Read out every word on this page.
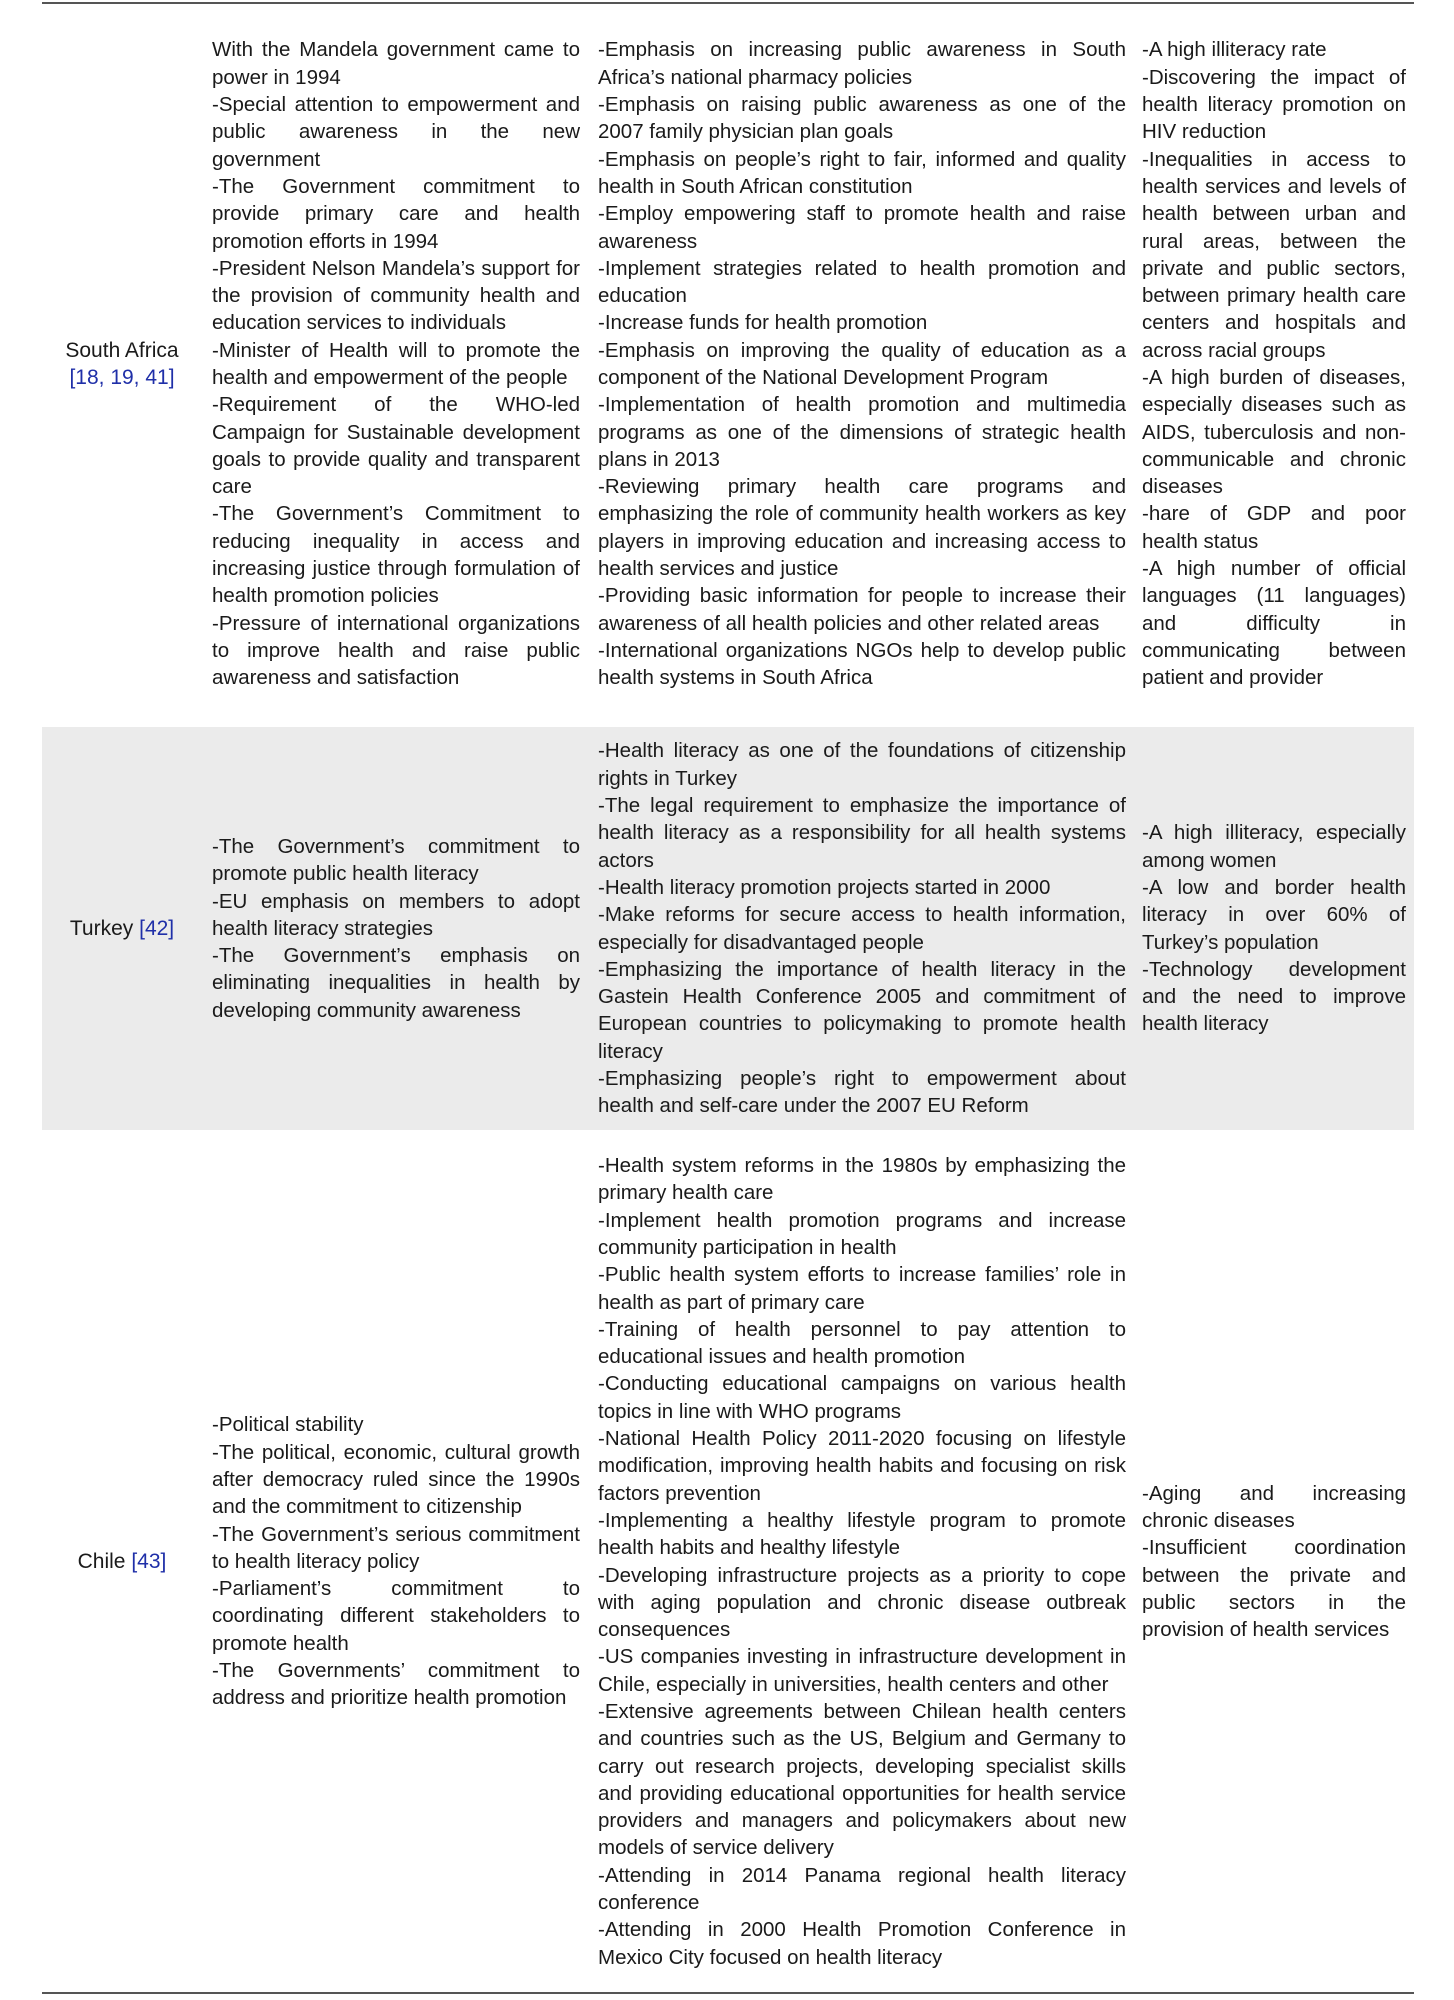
South Africa
[18, 19, 41]

With the Mandela government came to power in 1994

-Special attention to empowerment and public awareness in the new government

-The Government commitment to provide primary care and health promotion efforts in 1994

-President Nelson Mandela’s support for the provision of community health and education services to individuals

-Minister of Health will to promote the health and empowerment of the people

-Requirement of the WHO-led Campaign for Sustainable development goals to provide quality and transparent care

-The Government’s Commitment to reducing inequality in access and increasing justice through formulation of health promotion policies

-Pressure of international organizations to improve health and raise public awareness and satisfaction

-Emphasis on increasing public awareness in South Africa’s national pharmacy policies

-Emphasis on raising public awareness as one of the 2007 family physician plan goals

-Emphasis on people’s right to fair, informed and quality health in South African constitution

-Employ empowering staff to promote health and raise awareness

-Implement strategies related to health promotion and education

-Increase funds for health promotion

-Emphasis on improving the quality of education as a component of the National Development Program

-Implementation of health promotion and multimedia programs as one of the dimensions of strategic health plans in 2013

-Reviewing primary health care programs and emphasizing the role of community health workers as key players in improving education and increasing access to health services and justice

-Providing basic information for people to increase their awareness of all health policies and other related areas

-International organizations NGOs help to develop public health systems in South Africa

-A high illiteracy rate

-Discovering the impact of health literacy promotion on HIV reduction

-Inequalities in access to health services and levels of health between urban and rural areas, between the private and public sectors, between primary health care centers and hospitals and across racial groups

-A high burden of diseases, especially diseases such as AIDS, tuberculosis and non-communicable and chronic diseases

-hare of GDP and poor health status

-A high number of official languages (11 languages) and difficulty in communicating between patient and provider

Turkey [42]

-The Government’s commitment to promote public health literacy

-EU emphasis on members to adopt health literacy strategies

-The Government’s emphasis on eliminating inequalities in health by developing community awareness

-Health literacy as one of the foundations of citizenship rights in Turkey

-The legal requirement to emphasize the importance of health literacy as a responsibility for all health systems actors

-Health literacy promotion projects started in 2000

-Make reforms for secure access to health information, especially for disadvantaged people

-Emphasizing the importance of health literacy in the Gastein Health Conference 2005 and commitment of European countries to policymaking to promote health literacy

-Emphasizing people’s right to empowerment about health and self-care under the 2007 EU Reform

-A high illiteracy, especially among women

-A low and border health literacy in over 60% of Turkey’s population

-Technology development and the need to improve health literacy

Chile [43]

-Political stability

-The political, economic, cultural growth after democracy ruled since the 1990s and the commitment to citizenship

-The Government’s serious commitment to health literacy policy

-Parliament’s commitment to coordinating different stakeholders to promote health

-The Governments’ commitment to address and prioritize health promotion

-Health system reforms in the 1980s by emphasizing the primary health care

-Implement health promotion programs and increase community participation in health

-Public health system efforts to increase families’ role in health as part of primary care

-Training of health personnel to pay attention to educational issues and health promotion

-Conducting educational campaigns on various health topics in line with WHO programs

-National Health Policy 2011-2020 focusing on lifestyle modification, improving health habits and focusing on risk factors prevention

-Implementing a healthy lifestyle program to promote health habits and healthy lifestyle

-Developing infrastructure projects as a priority to cope with aging population and chronic disease outbreak consequences

-US companies investing in infrastructure development in Chile, especially in universities, health centers and other

-Extensive agreements between Chilean health centers and countries such as the US, Belgium and Germany to carry out research projects, developing specialist skills and providing educational opportunities for health service providers and managers and policymakers about new models of service delivery

-Attending in 2014 Panama regional health literacy conference

-Attending in 2000 Health Promotion Conference in Mexico City focused on health literacy

-Aging and increasing chronic diseases

-Insufficient coordination between the private and public sectors in the provision of health services
